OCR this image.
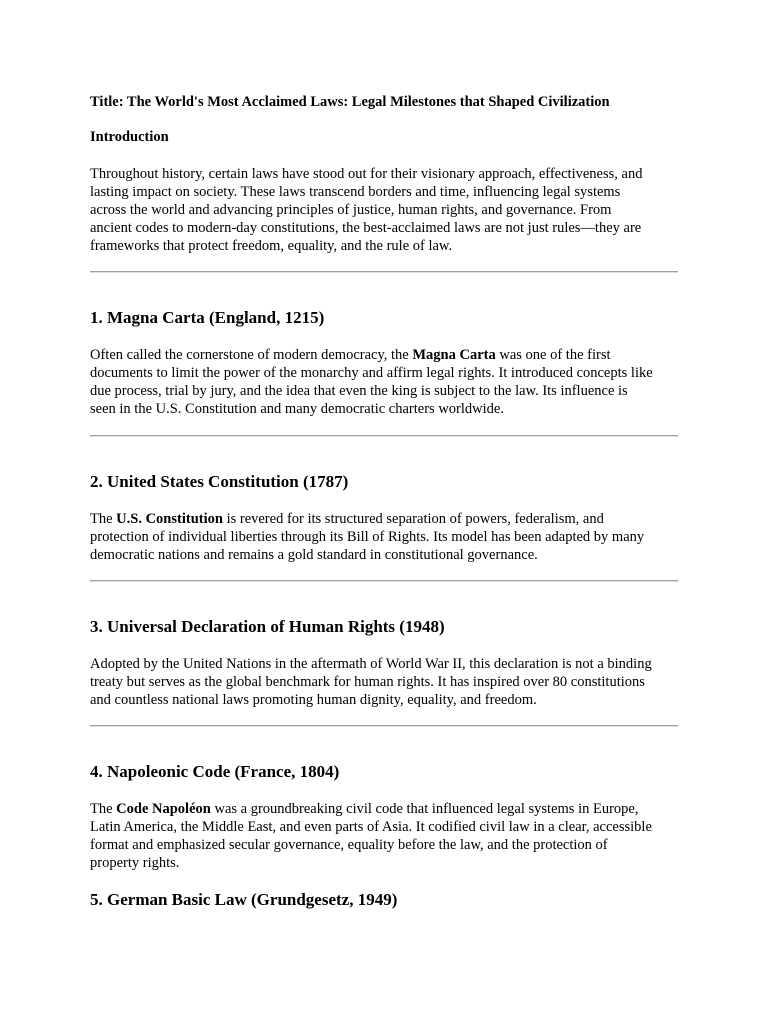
Title: The World's Most Acclaimed Laws: Legal Milestones that Shaped Civilization
Introduction
Throughout history, certain laws have stood out for their visionary approach, effectiveness, and
lasting impact on society. These laws transcend borders and time, influencing legal systems
across the world and advancing principles of justice, human rights, and governance. From
ancient codes to modern-day constitutions, the best-acclaimed laws are not just rules—they are
frameworks that protect freedom, equality, and the rule of law.
1. Magna Carta (England, 1215)
Often called the cornerstone of modern democracy, the Magna Carta was one of the first
documents to limit the power of the monarchy and affirm legal rights. It introduced concepts like
due process, trial by jury, and the idea that even the king is subject to the law. Its influence is
seen in the U.S. Constitution and many democratic charters worldwide.
2. United States Constitution (1787)
The U.S. Constitution is revered for its structured separation of powers, federalism, and
protection of individual liberties through its Bill of Rights. Its model has been adapted by many
democratic nations and remains a gold standard in constitutional governance.
3. Universal Declaration of Human Rights (1948)
Adopted by the United Nations in the aftermath of World War II, this declaration is not a binding
treaty but serves as the global benchmark for human rights. It has inspired over 80 constitutions
and countless national laws promoting human dignity, equality, and freedom.
4. Napoleonic Code (France, 1804)
The Code Napoléon was a groundbreaking civil code that influenced legal systems in Europe,
Latin America, the Middle East, and even parts of Asia. It codified civil law in a clear, accessible
format and emphasized secular governance, equality before the law, and the protection of
property rights.
5. German Basic Law (Grundgesetz, 1949)
